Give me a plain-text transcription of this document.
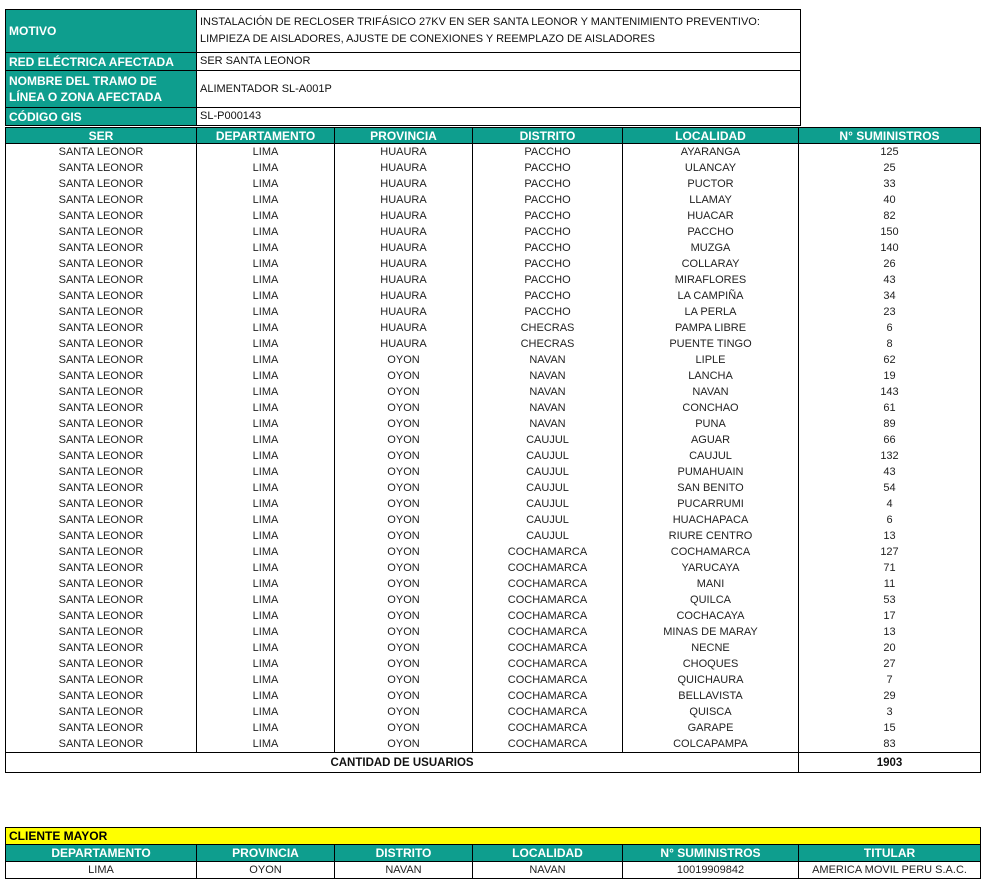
MOTIVO	INSTALACIÓN DE RECLOSER TRIFÁSICO 27KV EN SER SANTA LEONOR Y MANTENIMIENTO PREVENTIVO: LIMPIEZA DE AISLADORES, AJUSTE DE CONEXIONES Y REEMPLAZO DE AISLADORES
RED ELÉCTRICA AFECTADA	SER SANTA LEONOR
NOMBRE DEL TRAMO DE LÍNEA O ZONA AFECTADA	ALIMENTADOR SL-A001P
CÓDIGO GIS	SL-P000143
SER	DEPARTAMENTO	PROVINCIA	DISTRITO	LOCALIDAD	N° SUMINISTROS
SANTA LEONOR	LIMA	HUAURA	PACCHO	AYARANGA	125
SANTA LEONOR	LIMA	HUAURA	PACCHO	ULANCAY	25
SANTA LEONOR	LIMA	HUAURA	PACCHO	PUCTOR	33
SANTA LEONOR	LIMA	HUAURA	PACCHO	LLAMAY	40
SANTA LEONOR	LIMA	HUAURA	PACCHO	HUACAR	82
SANTA LEONOR	LIMA	HUAURA	PACCHO	PACCHO	150
SANTA LEONOR	LIMA	HUAURA	PACCHO	MUZGA	140
SANTA LEONOR	LIMA	HUAURA	PACCHO	COLLARAY	26
SANTA LEONOR	LIMA	HUAURA	PACCHO	MIRAFLORES	43
SANTA LEONOR	LIMA	HUAURA	PACCHO	LA CAMPIÑA	34
SANTA LEONOR	LIMA	HUAURA	PACCHO	LA PERLA	23
SANTA LEONOR	LIMA	HUAURA	CHECRAS	PAMPA LIBRE	6
SANTA LEONOR	LIMA	HUAURA	CHECRAS	PUENTE TINGO	8
SANTA LEONOR	LIMA	OYON	NAVAN	LIPLE	62
SANTA LEONOR	LIMA	OYON	NAVAN	LANCHA	19
SANTA LEONOR	LIMA	OYON	NAVAN	NAVAN	143
SANTA LEONOR	LIMA	OYON	NAVAN	CONCHAO	61
SANTA LEONOR	LIMA	OYON	NAVAN	PUNA	89
SANTA LEONOR	LIMA	OYON	CAUJUL	AGUAR	66
SANTA LEONOR	LIMA	OYON	CAUJUL	CAUJUL	132
SANTA LEONOR	LIMA	OYON	CAUJUL	PUMAHUAIN	43
SANTA LEONOR	LIMA	OYON	CAUJUL	SAN BENITO	54
SANTA LEONOR	LIMA	OYON	CAUJUL	PUCARRUMI	4
SANTA LEONOR	LIMA	OYON	CAUJUL	HUACHAPACA	6
SANTA LEONOR	LIMA	OYON	CAUJUL	RIURE CENTRO	13
SANTA LEONOR	LIMA	OYON	COCHAMARCA	COCHAMARCA	127
SANTA LEONOR	LIMA	OYON	COCHAMARCA	YARUCAYA	71
SANTA LEONOR	LIMA	OYON	COCHAMARCA	MANI	11
SANTA LEONOR	LIMA	OYON	COCHAMARCA	QUILCA	53
SANTA LEONOR	LIMA	OYON	COCHAMARCA	COCHACAYA	17
SANTA LEONOR	LIMA	OYON	COCHAMARCA	MINAS DE MARAY	13
SANTA LEONOR	LIMA	OYON	COCHAMARCA	NECNE	20
SANTA LEONOR	LIMA	OYON	COCHAMARCA	CHOQUES	27
SANTA LEONOR	LIMA	OYON	COCHAMARCA	QUICHAURA	7
SANTA LEONOR	LIMA	OYON	COCHAMARCA	BELLAVISTA	29
SANTA LEONOR	LIMA	OYON	COCHAMARCA	QUISCA	3
SANTA LEONOR	LIMA	OYON	COCHAMARCA	GARAPE	15
SANTA LEONOR	LIMA	OYON	COCHAMARCA	COLCAPAMPA	83
CANTIDAD DE USUARIOS					1903
CLIENTE MAYOR					
DEPARTAMENTO	PROVINCIA	DISTRITO	LOCALIDAD	N° SUMINISTROS	TITULAR
LIMA	OYON	NAVAN	NAVAN	10019909842	AMERICA MOVIL PERU S.A.C.
